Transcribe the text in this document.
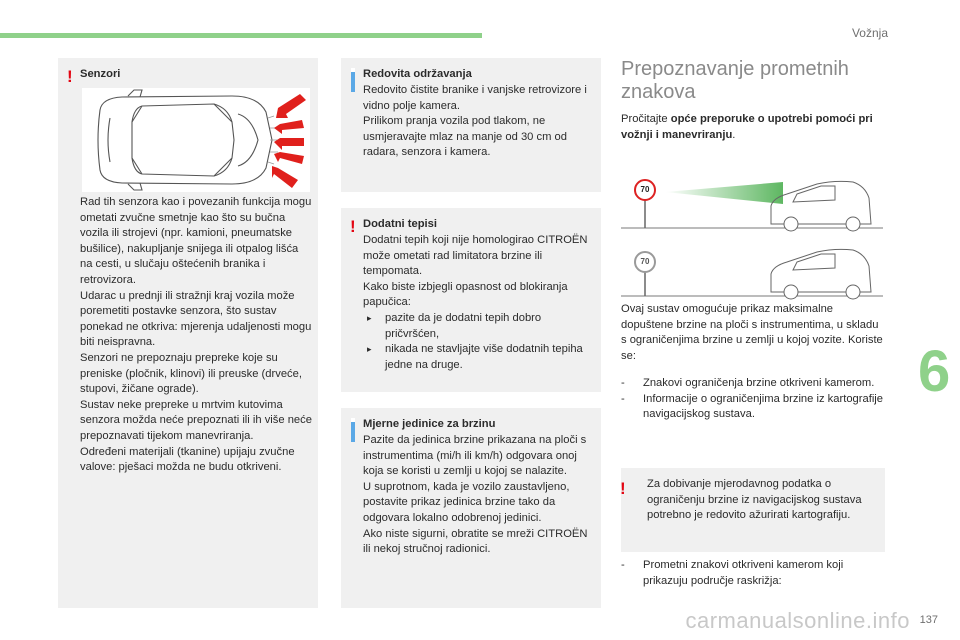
Vožnja
! Senzori

Rad tih senzora kao i povezanih funkcija mogu ometati zvučne smetnje kao što su bučna vozila ili strojevi (npr. kamioni, pneumatske bušilice), nakupljanje snijega ili otpalog lišća na cesti, u slučaju oštećenih branika i retrovizora.
Udarac u prednji ili stražnji kraj vozila može poremetiti postavke senzora, što sustav ponekad ne otkriva: mjerenja udaljenosti mogu biti neispravna.
Senzori ne prepoznaju prepreke koje su preniske (pločnik, klinovi) ili preuske (drveće, stupovi, žičane ograde).
Sustav neke prepreke u mrtvim kutovima senzora možda neće prepoznati ili ih više neće prepoznavati tijekom manevriranja.
Određeni materijali (tkanine) upijaju zvučne valove: pješaci možda ne budu otkriveni.

Redovita održavanja

Redovito čistite branike i vanjske retrovizore i vidno polje kamera.
Prilikom pranja vozila pod tlakom, ne usmjeravajte mlaz na manje od 30 cm od radara, senzora i kamera.

! Dodatni tepisi

Dodatni tepih koji nije homologirao CITROËN može ometati rad limitatora brzine ili tempomata.
Kako biste izbjegli opasnost od blokiranja papučica:

▸ pazite da je dodatni tepih dobro pričvršćen,
▸ nikada ne stavljajte više dodatnih tepiha jedne na druge.
Mjerne jedinice za brzinu

Pazite da jedinica brzine prikazana na ploči s instrumentima (mi/h ili km/h) odgovara onoj koja se koristi u zemlji u kojoj se nalazite.
U suprotnom, kada je vozilo zaustavljeno, postavite prikaz jedinica brzine tako da odgovara lokalno odobrenoj jedinici.
Ako niste sigurni, obratite se mreži CITROËN ili nekoj stručnoj radionici.

Prepoznavanje prometnih znakova

Pročitajte opće preporuke o upotrebi pomoći pri vožnji i manevriranju.

70
70

Ovaj sustav omogućuje prikaz maksimalne dopuštene brzine na ploči s instrumentima, u skladu s ograničenjima brzine u zemlji u kojoj vozite. Koriste se:

- Znakovi ograničenja brzine otkriveni kamerom.
- Informacije o ograničenjima brzine iz kartografije navigacijskog sustava.
! Za dobivanje mjerodavnog podatka o ograničenju brzine iz navigacijskog sustava potrebno je redovito ažurirati kartografiju.

- Prometni znakovi otkriveni kamerom koji prikazuju područje raskrižja:
6
carmanualsonline.info 137
